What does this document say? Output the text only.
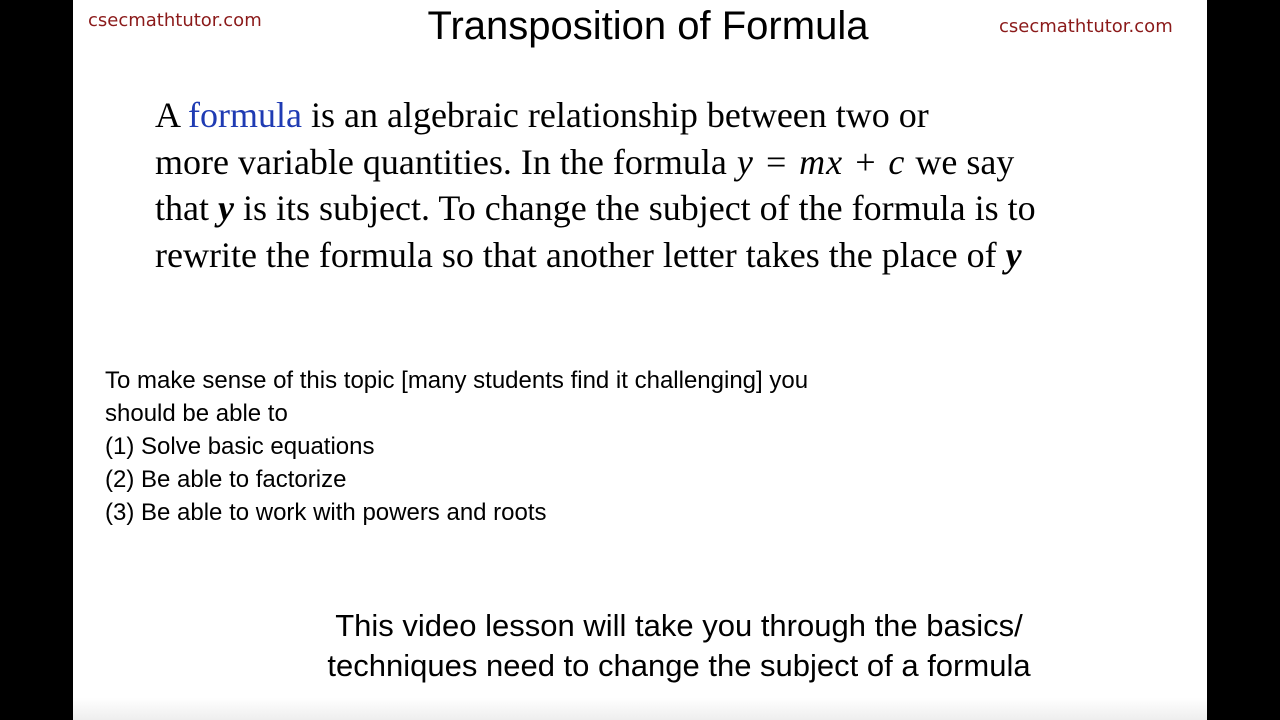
csecmathtutor.com	Transposition of Formula	csecmathtutor.com

A formula is an algebraic relationship between two or
more variable quantities. In the formula y = mx + c we say
that y is its subject. To change the subject of the formula is to
rewrite the formula so that another letter takes the place of y

To make sense of this topic [many students find it challenging] you
should be able to
(1) Solve basic equations
(2) Be able to factorize
(3) Be able to work with powers and roots
This video lesson will take you through the basics/
techniques need to change the subject of a formula
